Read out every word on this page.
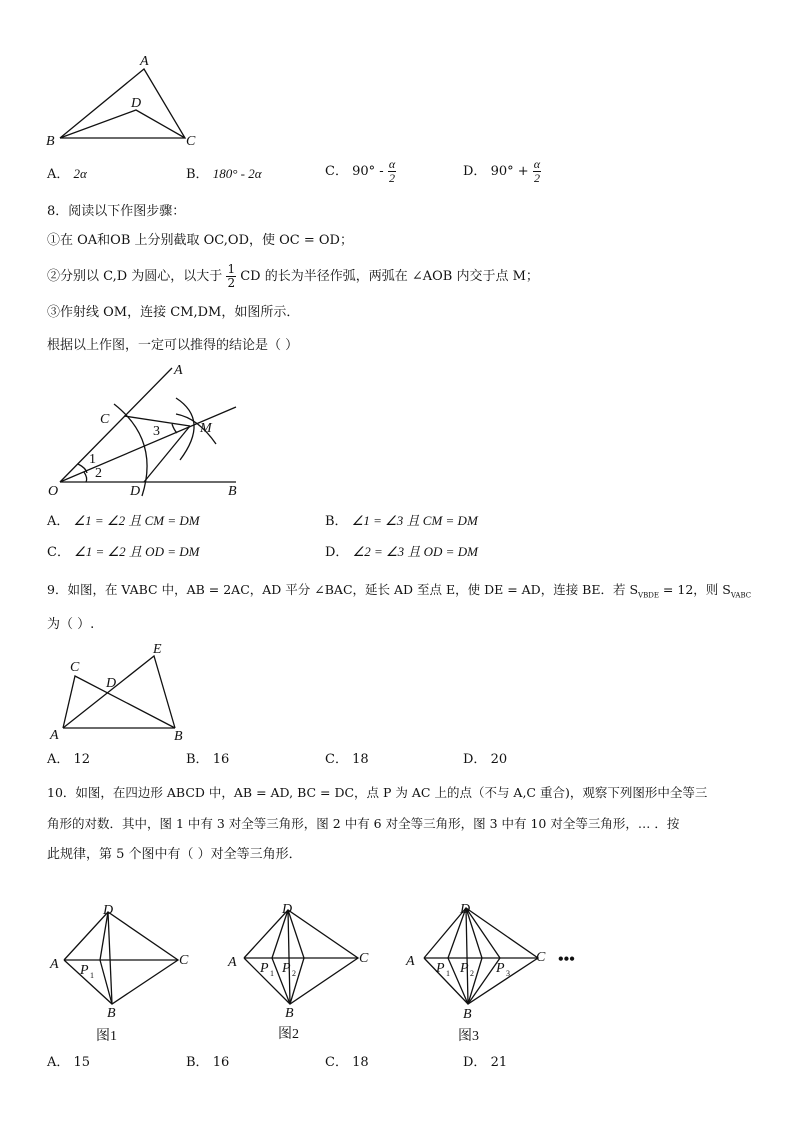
A
D
B	C
A． 2α	B． 180° - 2α	C． $90^\circ - \frac{\alpha}{2}$	D． $90^\circ + \frac{\alpha}{2}$
8．阅读以下作图步骤：
①在 OA和OB 上分别截取 OC,OD，使 OC = OD；
②分别以 C,D 为圆心，以大于 $\frac{1}{2}$ CD 的长为半径作弧，两弧在 ∠AOB 内交于点 M；
③作射线 OM，连接 CM,DM，如图所示．
根据以上作图，一定可以推得的结论是（ ）
A
B
C
D
O
M
1
2
3
A． ∠1 = ∠2 且 CM = DM	B． ∠1 = ∠3 且 CM = DM
C． ∠1 = ∠2 且 OD = DM	D． ∠2 = ∠3 且 OD = DM
9．如图，在 VABC 中，AB = 2AC，AD 平分 ∠BAC，延长 AD 至点 E，使 DE = AD，连接 BE．若 $S_{VBDE} = 12$，则 $S_{VABC}$
为（ ）.
C
D
E
A	B
A． 12	B． 16	C． 18	D． 20
10．如图，在四边形 ABCD 中，AB = AD, BC = DC，点 P 为 AC 上的点（不与 A,C 重合)，观察下列图形中全等三
角形的对数．其中，图 1 中有 3 对全等三角形，图 2 中有 6 对全等三角形，图 3 中有 10 对全等三角形，… ．按
此规律，第 5 个图中有（ ）对全等三角形．
A
D
C
B
P 1
图1
A
D
C
B
P 1 P 2
图2
A
D
C
B
P 1 P 2 P 3
•••
图3
A． 15	B． 16	C． 18	D． 21
